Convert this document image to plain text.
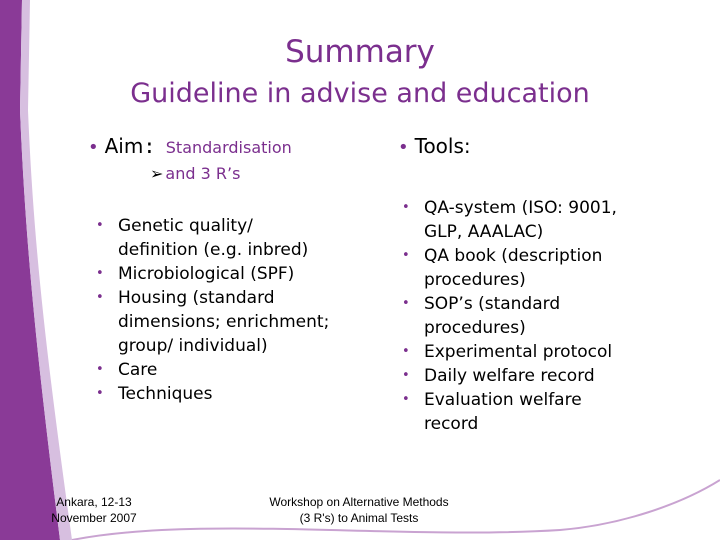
Summary
Guideline in advise and education
• Aim: Standardisation
➢ and 3 R’s
• Tools:
• Genetic quality/
definition (e.g. inbred)
• Microbiological (SPF)
• Housing (standard
dimensions; enrichment;
group/ individual)
• Care
• Techniques
• QA-system (ISO: 9001,
GLP, AAALAC)
• QA book (description
procedures)
• SOP’s (standard
procedures)
• Experimental protocol
• Daily welfare record
• Evaluation welfare
record
Ankara, 12-13
November 2007
Workshop on Alternative Methods
(3 R's) to Animal Tests
